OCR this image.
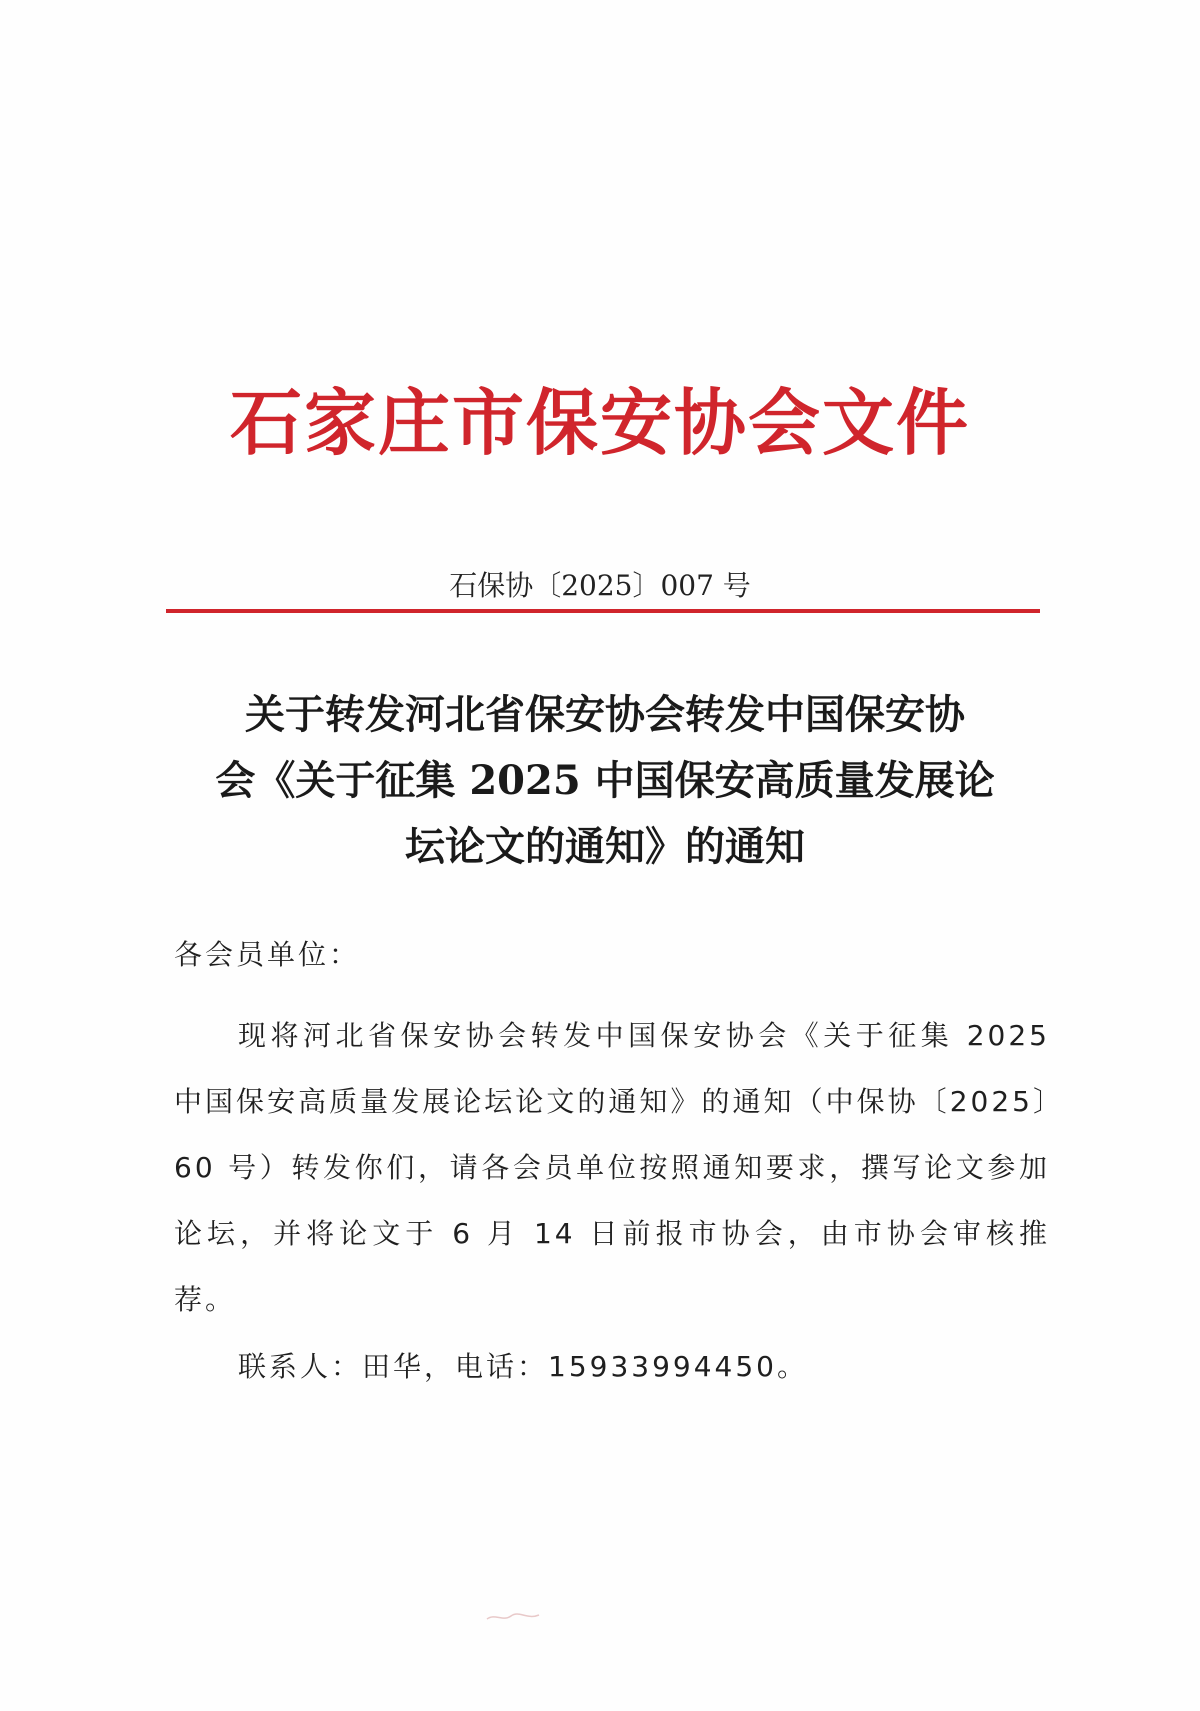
石家庄市保安协会文件
石保协〔2025〕007 号
关于转发河北省保安协会转发中国保安协
会《关于征集 2025 中国保安高质量发展论
坛论文的通知》的通知
各会员单位：
现将河北省保安协会转发中国保安协会《关于征集 2025 中国保安高质量发展论坛论文的通知》的通知（中保协〔2025〕60 号）转发你们，请各会员单位按照通知要求，撰写论文参加论坛，并将论文于 6 月 14 日前报市协会，由市协会审核推荐。
联系人：田华，电话：15933994450。
